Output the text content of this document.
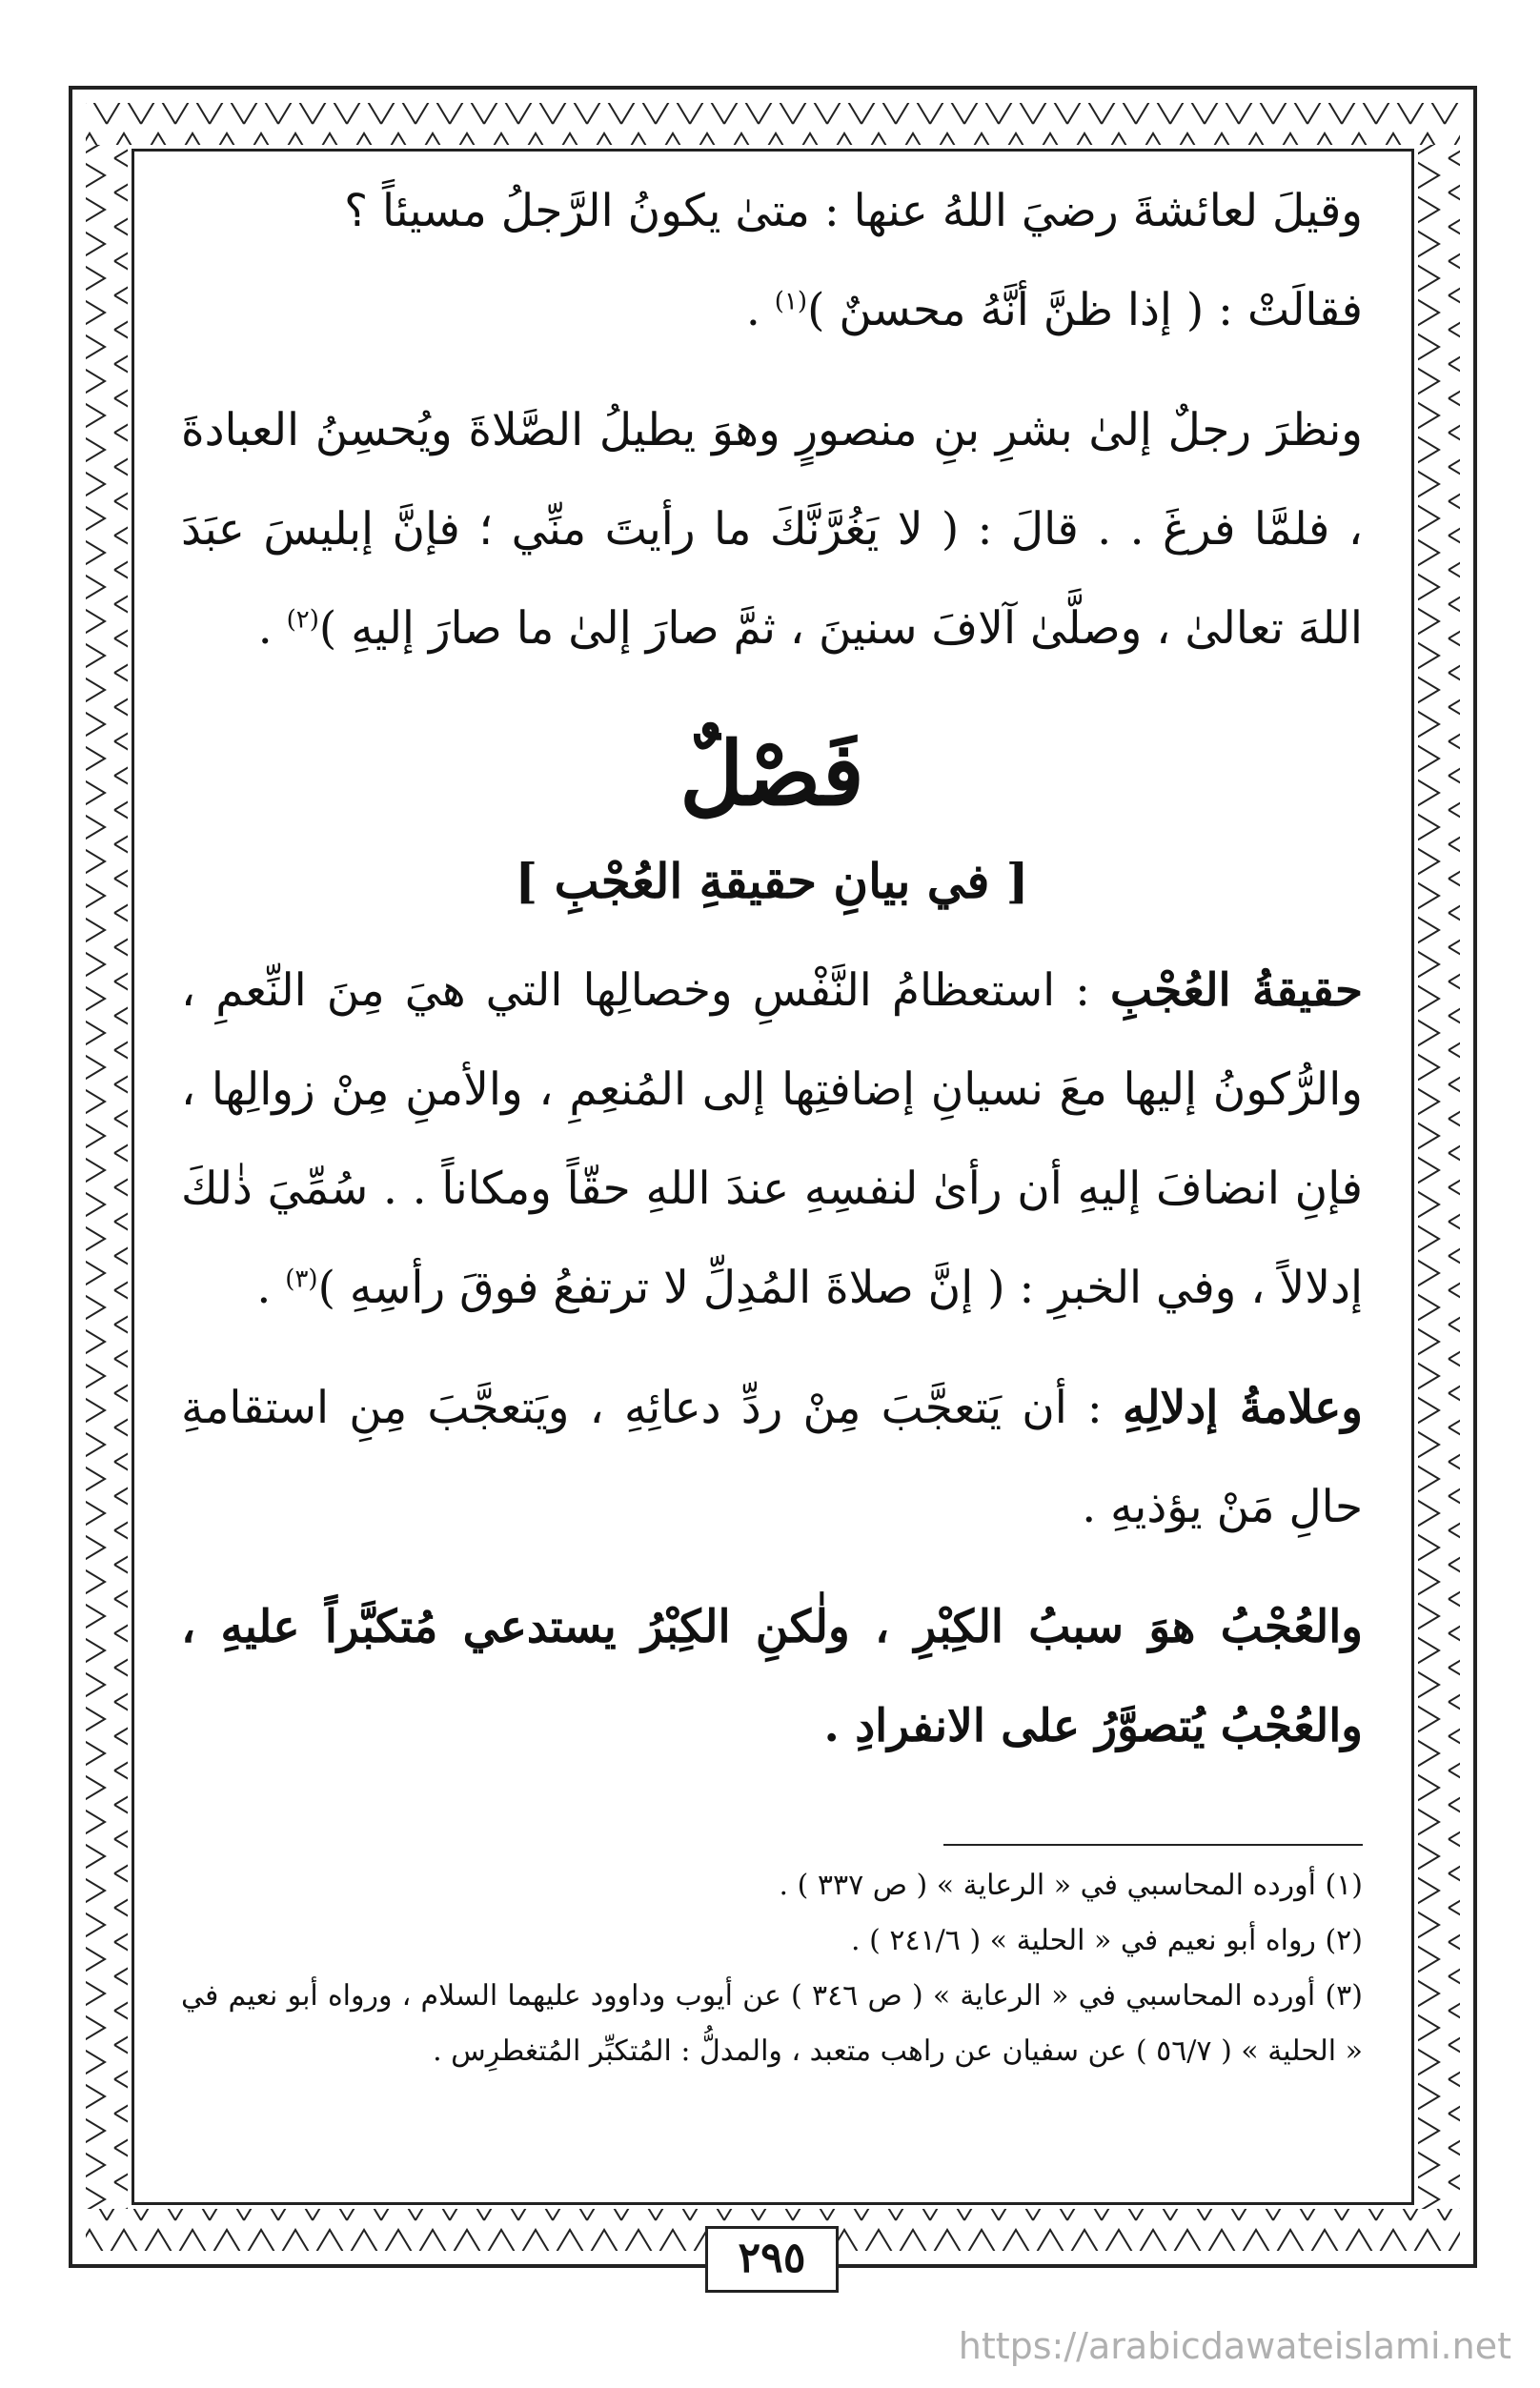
وقيلَ لعائشةَ رضيَ اللهُ عنها : متىٰ يكونُ الرَّجلُ مسيئاً ؟
فقالَتْ : ( إذا ظنَّ أنَّهُ محسنٌ )$^{(١)}$ .

ونظرَ رجلٌ إلىٰ بشرِ بنِ منصورٍ وهوَ يطيلُ الصَّلاةَ ويُحسِنُ العبادةَ ، فلمَّا فرغَ . . قالَ : ( لا يَغُرَّنَّكَ ما رأيتَ منِّي ؛ فإنَّ إبليسَ عبَدَ اللهَ تعالىٰ ، وصلَّىٰ آلافَ سنينَ ، ثمَّ صارَ إلىٰ ما صارَ إليهِ )$^{(٢)}$ .

فَصْلٌ
[ في بيانِ حقيقةِ العُجْبِ ]

حقيقةُ العُجْبِ : استعظامُ النَّفْسِ وخصالِها التي هيَ مِنَ النِّعمِ ، والرُّكونُ إليها معَ نسيانِ إضافتِها إلى المُنعِمِ ، والأمنِ مِنْ زوالِها ، فإنِ انضافَ إليهِ أن رأىٰ لنفسِهِ عندَ اللهِ حقّاً ومكاناً . . سُمِّيَ ذٰلكَ إدلالاً ، وفي الخبرِ : ( إنَّ صلاةَ المُدِلِّ لا ترتفعُ فوقَ رأسِهِ )$^{(٣)}$ .

وعلامةُ إدلالِهِ : أن يَتعجَّبَ مِنْ ردِّ دعائِهِ ، ويَتعجَّبَ مِنِ استقامةِ حالِ مَنْ يؤذيهِ .

والعُجْبُ هوَ سببُ الكِبْرِ ، ولٰكنِ الكِبْرُ يستدعي مُتكبَّراً عليهِ ، والعُجْبُ يُتصوَّرُ على الانفرادِ .

(١) أورده المحاسبي في « الرعاية » ( ص ٣٣٧ ) .

(٢) رواه أبو نعيم في « الحلية » ( ٢٤١/٦ ) .

(٣) أورده المحاسبي في « الرعاية » ( ص ٣٤٦ ) عن أيوب وداوود عليهما السلام ، ورواه أبو نعيم في « الحلية » ( ٥٦/٧ ) عن سفيان عن راهب متعبد ، والمدلُّ : المُتكبِّر المُتغطرِس .

٢٩٥
https://arabicdawateislami.net
